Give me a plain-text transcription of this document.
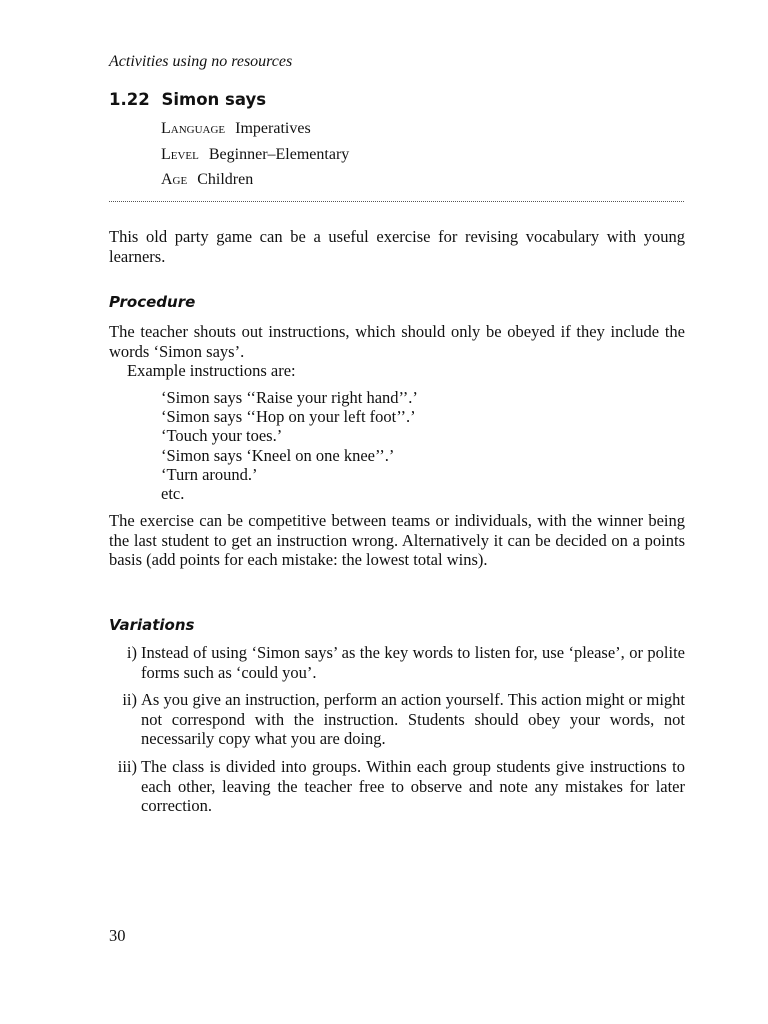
Activities using no resources
1.22 Simon says
Language Imperatives
Level Beginner–Elementary
Age Children
This old party game can be a useful exercise for revising vocabulary with young learners.
Procedure
The teacher shouts out instructions, which should only be obeyed if they include the words ‘Simon says’.
Example instructions are:
‘Simon says ‘‘Raise your right hand’’.’
‘Simon says ‘‘Hop on your left foot’’.’
‘Touch your toes.’
‘Simon says ‘Kneel on one knee’’.’
‘Turn around.’
etc.
The exercise can be competitive between teams or individuals, with the winner being the last student to get an instruction wrong. Alternatively it can be decided on a points basis (add points for each mistake: the lowest total wins).
Variations
i) Instead of using ‘Simon says’ as the key words to listen for, use ‘please’, or polite forms such as ‘could you’.
ii) As you give an instruction, perform an action yourself. This action might or might not correspond with the instruction. Students should obey your words, not necessarily copy what you are doing.
iii) The class is divided into groups. Within each group students give instructions to each other, leaving the teacher free to observe and note any mistakes for later correction.
30
